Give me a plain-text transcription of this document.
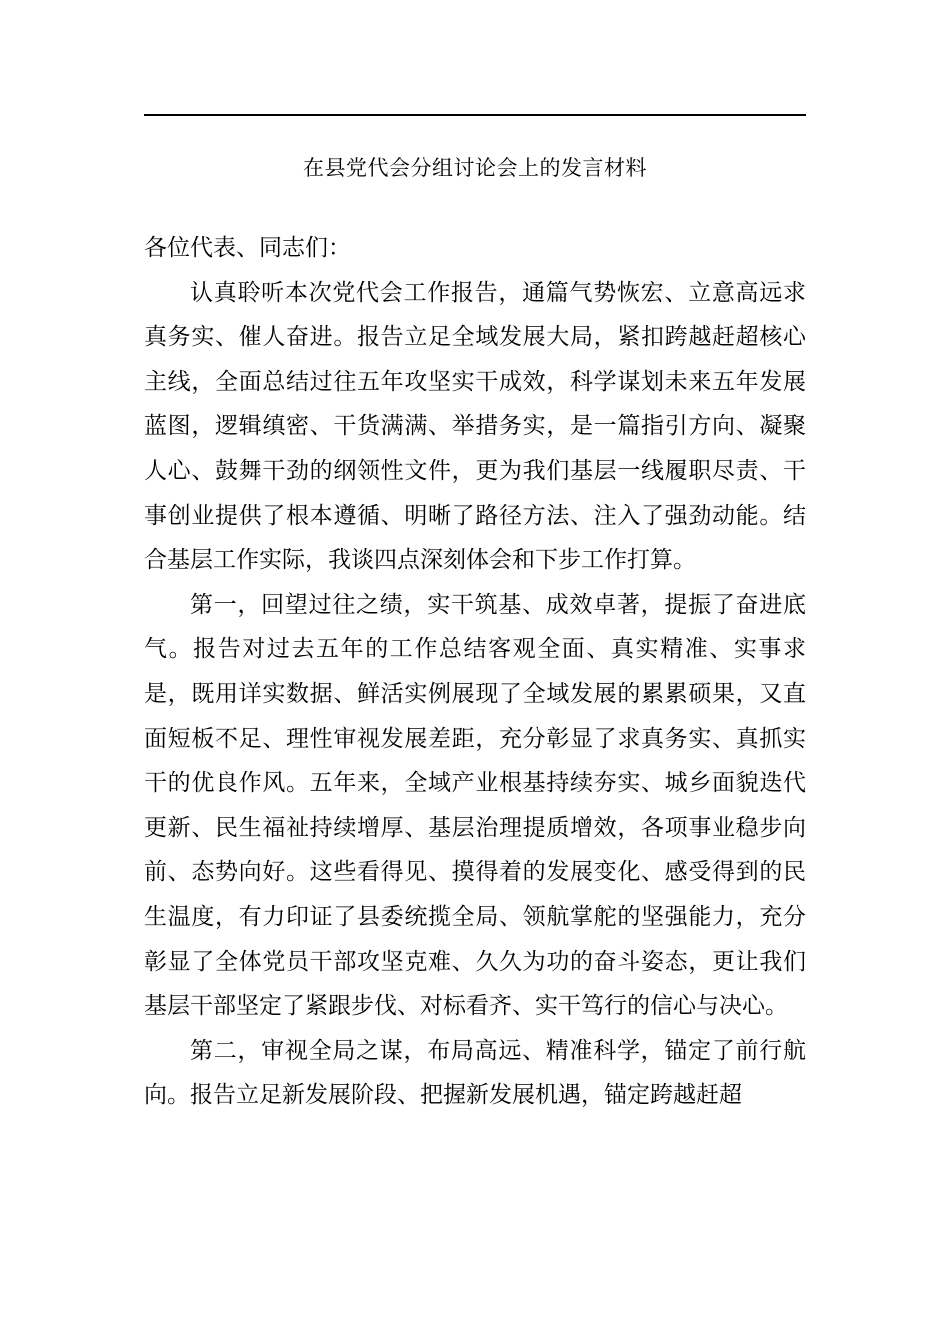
在县党代会分组讨论会上的发言材料

各位代表、同志们：

认真聆听本次党代会工作报告，通篇气势恢宏、立意高远求真务实、催人奋进。报告立足全域发展大局，紧扣跨越赶超核心主线，全面总结过往五年攻坚实干成效，科学谋划未来五年发展蓝图，逻辑缜密、干货满满、举措务实，是一篇指引方向、凝聚人心、鼓舞干劲的纲领性文件，更为我们基层一线履职尽责、干事创业提供了根本遵循、明晰了路径方法、注入了强劲动能。结合基层工作实际，我谈四点深刻体会和下步工作打算。

第一，回望过往之绩，实干筑基、成效卓著，提振了奋进底气。报告对过去五年的工作总结客观全面、真实精准、实事求是，既用详实数据、鲜活实例展现了全域发展的累累硕果，又直面短板不足、理性审视发展差距，充分彰显了求真务实、真抓实干的优良作风。五年来，全域产业根基持续夯实、城乡面貌迭代更新、民生福祉持续增厚、基层治理提质增效，各项事业稳步向前、态势向好。这些看得见、摸得着的发展变化、感受得到的民生温度，有力印证了县委统揽全局、领航掌舵的坚强能力，充分彰显了全体党员干部攻坚克难、久久为功的奋斗姿态，更让我们基层干部坚定了紧跟步伐、对标看齐、实干笃行的信心与决心。

第二，审视全局之谋，布局高远、精准科学，锚定了前行航向。报告立足新发展阶段、把握新发展机遇，锚定跨越赶超
